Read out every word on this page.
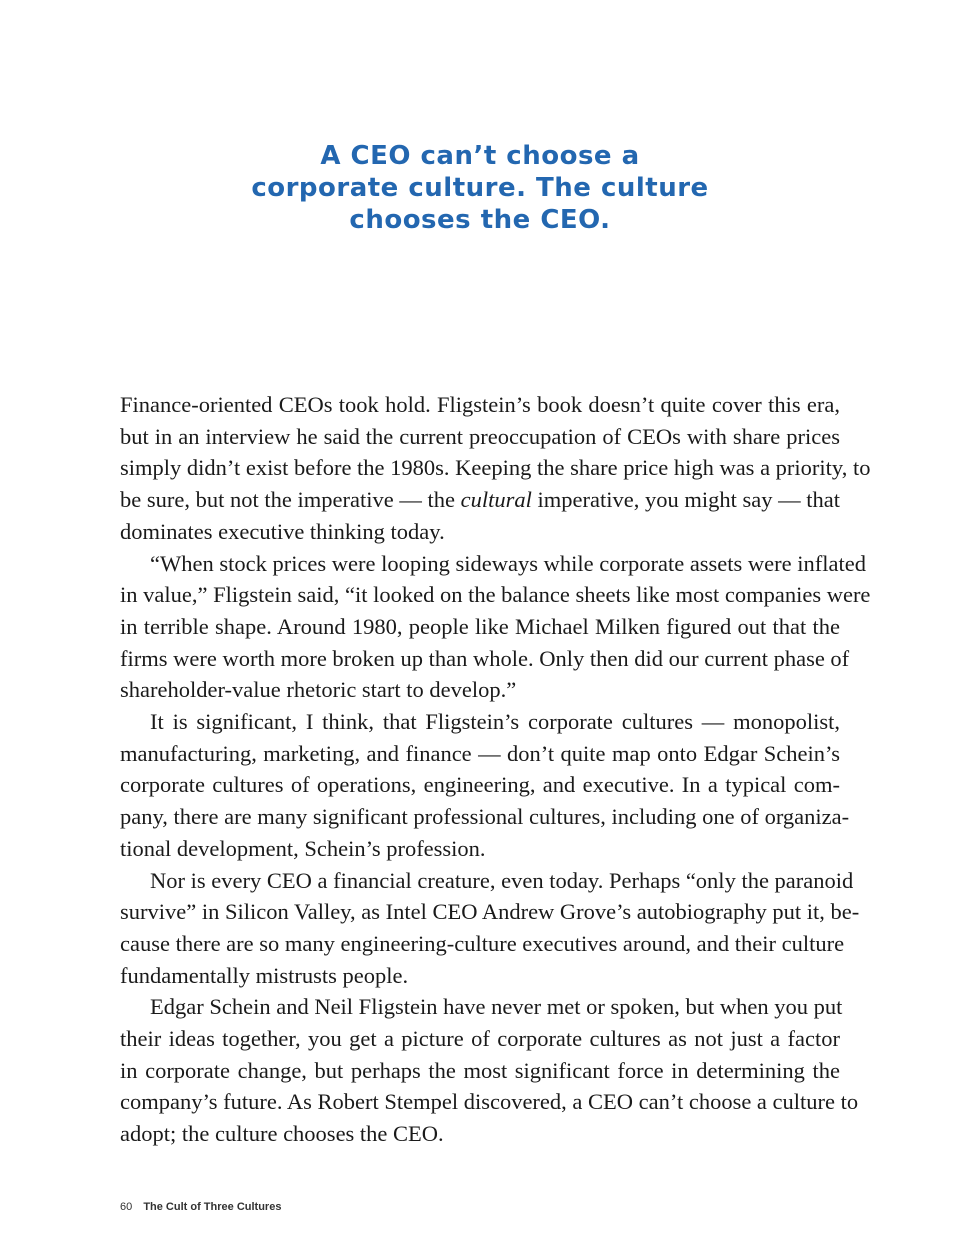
A CEO can’t choose a
corporate culture. The culture
chooses the CEO.

Finance-oriented CEOs took hold. Fligstein’s book doesn’t quite cover this era,
but in an interview he said the current preoccupation of CEOs with share prices
simply didn’t exist before the 1980s. Keeping the share price high was a priority, to
be sure, but not the imperative — the cultural imperative, you might say — that
dominates executive thinking today.

“When stock prices were looping sideways while corporate assets were inflated
in value,” Fligstein said, “it looked on the balance sheets like most companies were
in terrible shape. Around 1980, people like Michael Milken figured out that the
firms were worth more broken up than whole. Only then did our current phase of
shareholder-value rhetoric start to develop.”

It is significant, I think, that Fligstein’s corporate cultures — monopolist,
manufacturing, marketing, and finance — don’t quite map onto Edgar Schein’s
corporate cultures of operations, engineering, and executive. In a typical com-
pany, there are many significant professional cultures, including one of organiza-
tional development, Schein’s profession.

Nor is every CEO a financial creature, even today. Perhaps “only the paranoid
survive” in Silicon Valley, as Intel CEO Andrew Grove’s autobiography put it, be-
cause there are so many engineering-culture executives around, and their culture
fundamentally mistrusts people.

Edgar Schein and Neil Fligstein have never met or spoken, but when you put
their ideas together, you get a picture of corporate cultures as not just a factor
in corporate change, but perhaps the most significant force in determining the
company’s future. As Robert Stempel discovered, a CEO can’t choose a culture to
adopt; the culture chooses the CEO.

60 The Cult of Three Cultures
